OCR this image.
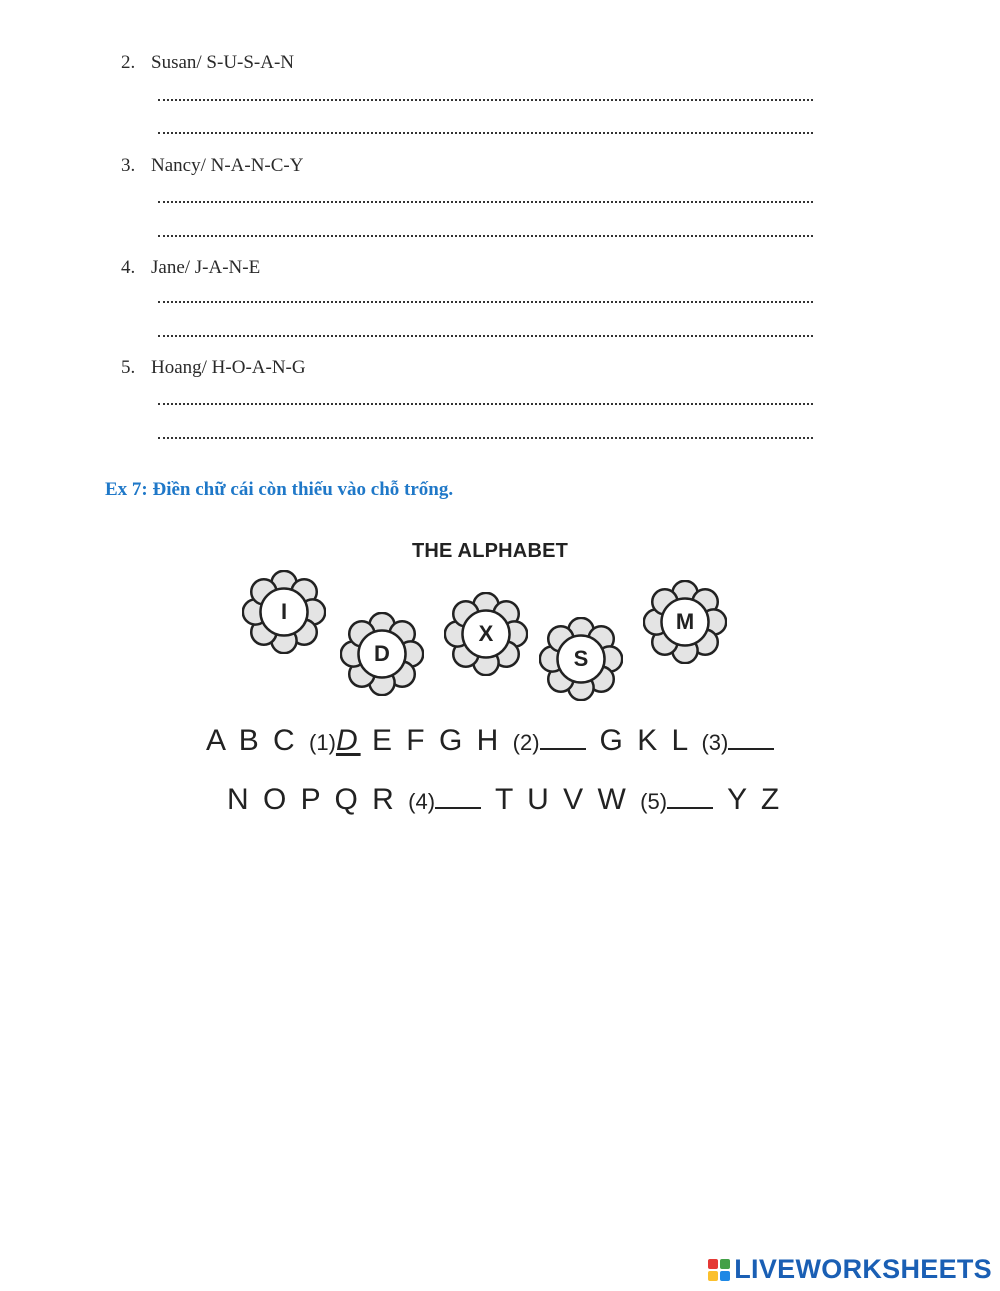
2. Susan/ S-U-S-A-N
3. Nancy/ N-A-N-C-Y
4. Jane/ J-A-N-E
5. Hoang/ H-O-A-N-G
Ex 7: Điền chữ cái còn thiếu vào chỗ trống.
THE ALPHABET
I
D
X
S
M
A B C (1)D E F G H (2) G K L (3)
N O P Q R (4) T U V W (5) Y Z
LIVEWORKSHEETS
